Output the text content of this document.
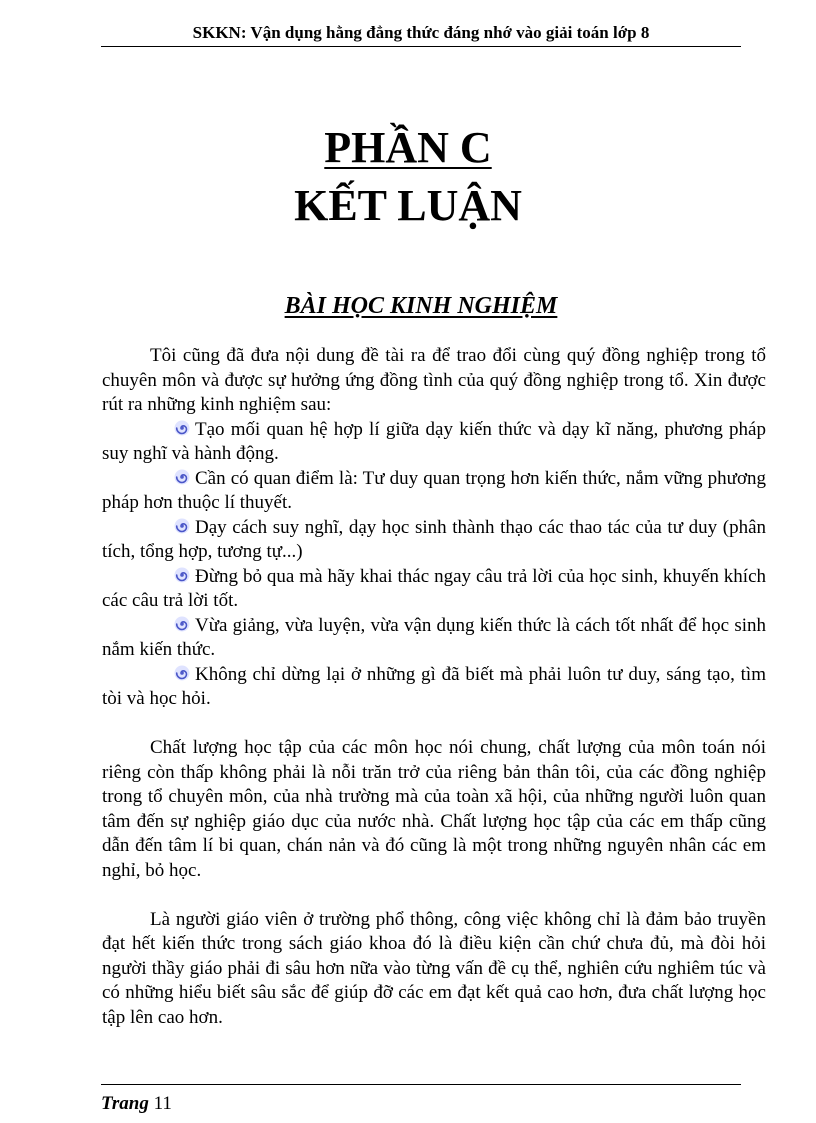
SKKN: Vận dụng hằng đẳng thức đáng nhớ vào giải toán lớp 8
PHẦN C
KẾT LUẬN
BÀI HỌC KINH NGHIỆM

Tôi cũng đã đưa nội dung đề tài ra để trao đổi cùng quý đồng nghiệp trong tổ chuyên môn và được sự hưởng ứng đồng tình của quý đồng nghiệp trong tổ. Xin được rút ra những kinh nghiệm sau:

Tạo mối quan hệ hợp lí giữa dạy kiến thức và dạy kĩ năng, phương pháp suy nghĩ và hành động.

Cần có quan điểm là: Tư duy quan trọng hơn kiến thức, nắm vững phương pháp hơn thuộc lí thuyết.

Dạy cách suy nghĩ, dạy học sinh thành thạo các thao tác của tư duy (phân tích, tổng hợp, tương tự...)

Đừng bỏ qua mà hãy khai thác ngay câu trả lời của học sinh, khuyến khích các câu trả lời tốt.

Vừa giảng, vừa luyện, vừa vận dụng kiến thức là cách tốt nhất để học sinh nắm kiến thức.

Không chỉ dừng lại ở những gì đã biết mà phải luôn tư duy, sáng tạo, tìm tòi và học hỏi.

Chất lượng học tập của các môn học nói chung, chất lượng của môn toán nói riêng còn thấp không phải là nỗi trăn trở của riêng bản thân tôi, của các đồng nghiệp trong tổ chuyên môn, của nhà trường mà của toàn xã hội, của những người luôn quan tâm đến sự nghiệp giáo dục của nước nhà. Chất lượng học tập của các em thấp cũng dẫn đến tâm lí bi quan, chán nản và đó cũng là một trong những nguyên nhân các em nghỉ, bỏ học.

Là người giáo viên ở trường phổ thông, công việc không chỉ là đảm bảo truyền đạt hết kiến thức trong sách giáo khoa đó là điều kiện cần chứ chưa đủ, mà đòi hỏi người thầy giáo phải đi sâu hơn nữa vào từng vấn đề cụ thể, nghiên cứu nghiêm túc và có những hiểu biết sâu sắc để giúp đỡ các em đạt kết quả cao hơn, đưa chất lượng học tập lên cao hơn.

Trang 11
